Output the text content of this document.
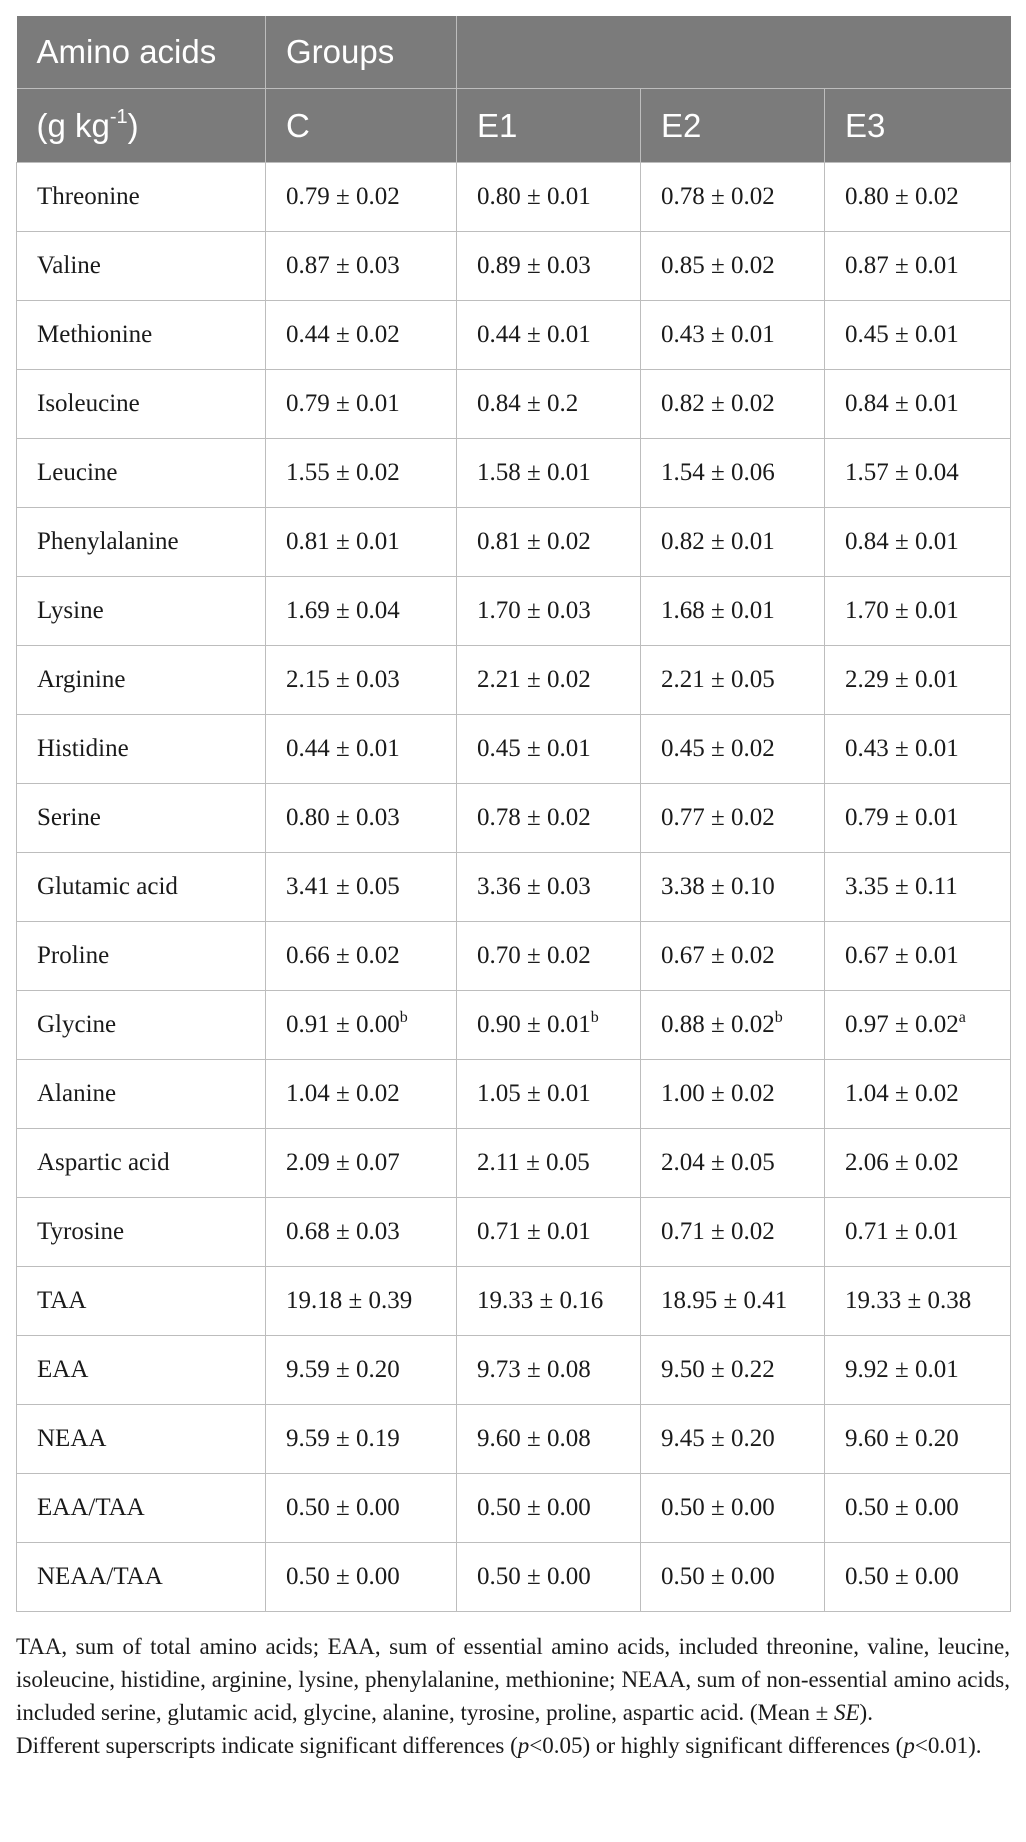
Amino acids	Groups			
(g $kg^{-1}$)	C	E1	E2	E3
Threonine	0.79 ± 0.02	0.80 ± 0.01	0.78 ± 0.02	0.80 ± 0.02
Valine	0.87 ± 0.03	0.89 ± 0.03	0.85 ± 0.02	0.87 ± 0.01
Methionine	0.44 ± 0.02	0.44 ± 0.01	0.43 ± 0.01	0.45 ± 0.01
Isoleucine	0.79 ± 0.01	0.84 ± 0.2	0.82 ± 0.02	0.84 ± 0.01
Leucine	1.55 ± 0.02	1.58 ± 0.01	1.54 ± 0.06	1.57 ± 0.04
Phenylalanine	0.81 ± 0.01	0.81 ± 0.02	0.82 ± 0.01	0.84 ± 0.01
Lysine	1.69 ± 0.04	1.70 ± 0.03	1.68 ± 0.01	1.70 ± 0.01
Arginine	2.15 ± 0.03	2.21 ± 0.02	2.21 ± 0.05	2.29 ± 0.01
Histidine	0.44 ± 0.01	0.45 ± 0.01	0.45 ± 0.02	0.43 ± 0.01
Serine	0.80 ± 0.03	0.78 ± 0.02	0.77 ± 0.02	0.79 ± 0.01
Glutamic acid	3.41 ± 0.05	3.36 ± 0.03	3.38 ± 0.10	3.35 ± 0.11
Proline	0.66 ± 0.02	0.70 ± 0.02	0.67 ± 0.02	0.67 ± 0.01
Glycine	0.91 ± 0.00$^b$	0.90 ± 0.01$^b$	0.88 ± 0.02$^b$	0.97 ± 0.02$^a$
Alanine	1.04 ± 0.02	1.05 ± 0.01	1.00 ± 0.02	1.04 ± 0.02
Aspartic acid	2.09 ± 0.07	2.11 ± 0.05	2.04 ± 0.05	2.06 ± 0.02
Tyrosine	0.68 ± 0.03	0.71 ± 0.01	0.71 ± 0.02	0.71 ± 0.01
TAA	19.18 ± 0.39	19.33 ± 0.16	18.95 ± 0.41	19.33 ± 0.38
EAA	9.59 ± 0.20	9.73 ± 0.08	9.50 ± 0.22	9.92 ± 0.01
NEAA	9.59 ± 0.19	9.60 ± 0.08	9.45 ± 0.20	9.60 ± 0.20
EAA/TAA	0.50 ± 0.00	0.50 ± 0.00	0.50 ± 0.00	0.50 ± 0.00
NEAA/TAA	0.50 ± 0.00	0.50 ± 0.00	0.50 ± 0.00	0.50 ± 0.00

TAA, sum of total amino acids; EAA, sum of essential amino acids, included threonine, valine, leucine, isoleucine, histidine, arginine, lysine, phenylalanine, methionine; NEAA, sum of non-essential amino acids, included serine, glutamic acid, glycine, alanine, tyrosine, proline, aspartic acid. (Mean ± SE).

Different superscripts indicate significant differences (p<0.05) or highly significant differences (p<0.01).
